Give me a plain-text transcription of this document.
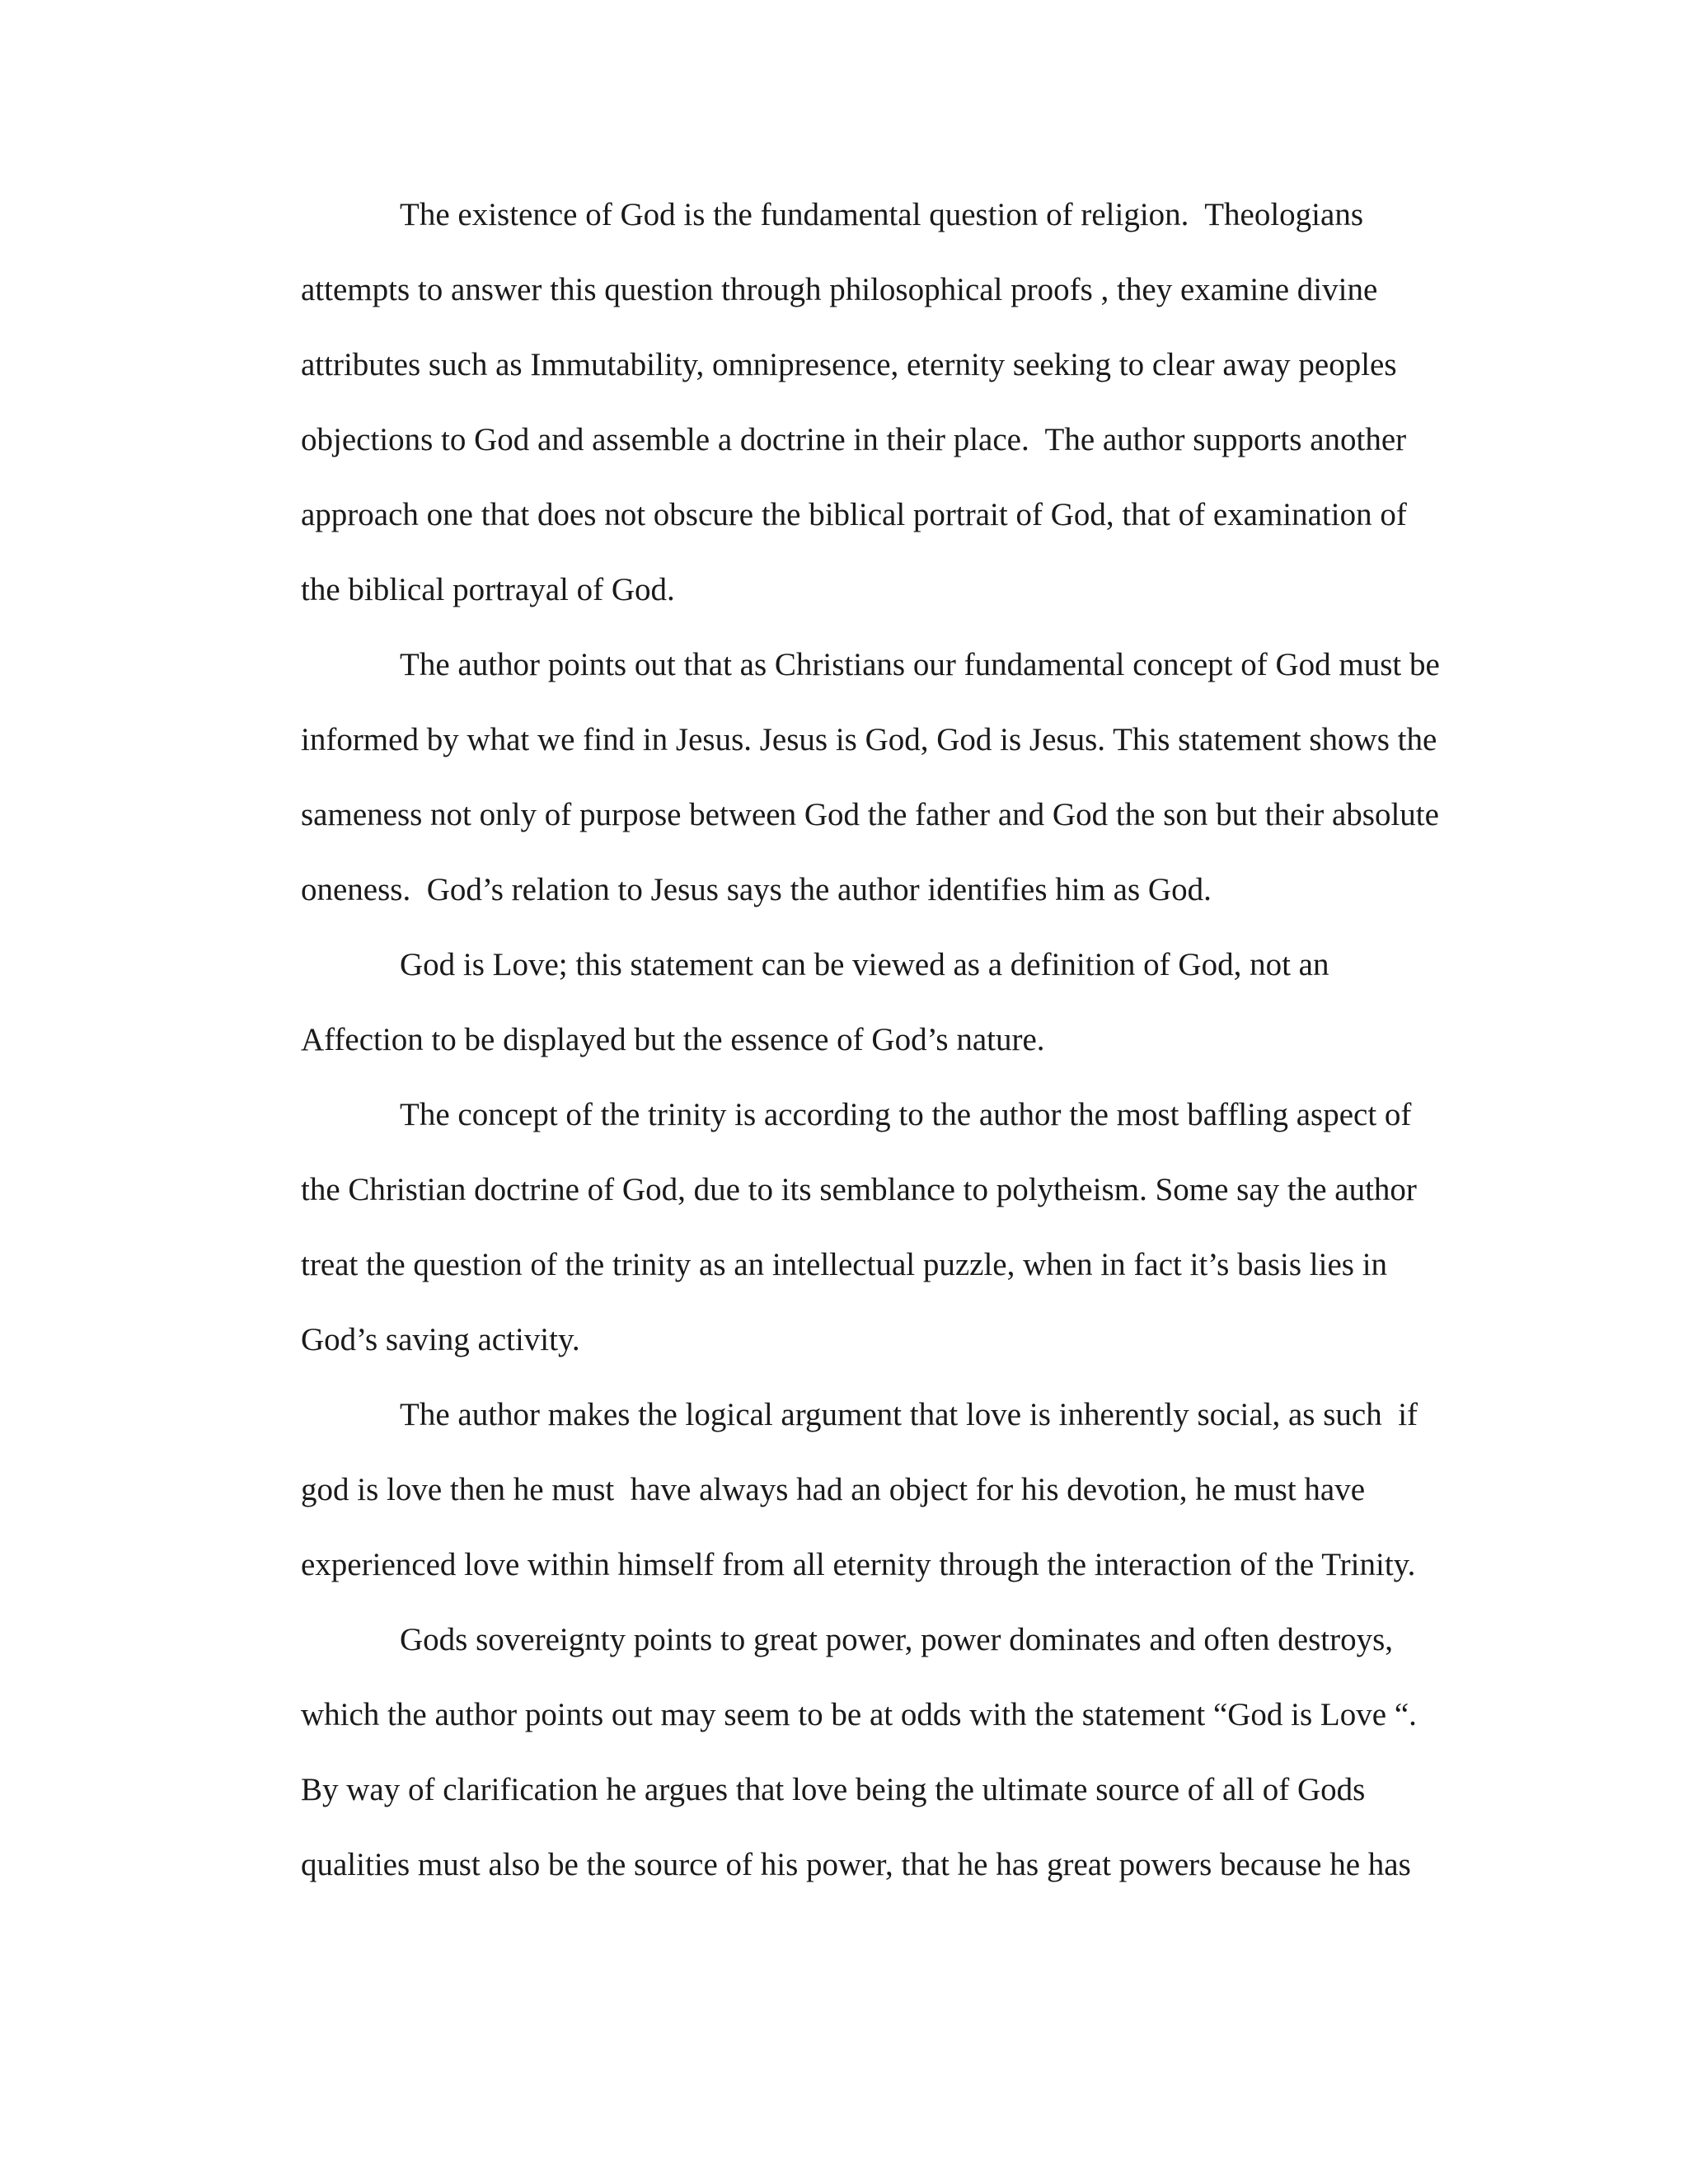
The existence of God is the fundamental question of religion.  Theologians
attempts to answer this question through philosophical proofs , they examine divine
attributes such as Immutability, omnipresence, eternity seeking to clear away peoples
objections to God and assemble a doctrine in their place.  The author supports another
approach one that does not obscure the biblical portrait of God, that of examination of
the biblical portrayal of God.
The author points out that as Christians our fundamental concept of God must be
informed by what we find in Jesus. Jesus is God, God is Jesus. This statement shows the
sameness not only of purpose between God the father and God the son but their absolute
oneness.  God’s relation to Jesus says the author identifies him as God.
God is Love; this statement can be viewed as a definition of God, not an
Affection to be displayed but the essence of God’s nature.
The concept of the trinity is according to the author the most baffling aspect of
the Christian doctrine of God, due to its semblance to polytheism. Some say the author
treat the question of the trinity as an intellectual puzzle, when in fact it’s basis lies in
God’s saving activity.
The author makes the logical argument that love is inherently social, as such  if
god is love then he must  have always had an object for his devotion, he must have
experienced love within himself from all eternity through the interaction of the Trinity.
Gods sovereignty points to great power, power dominates and often destroys,
which the author points out may seem to be at odds with the statement “God is Love “.
By way of clarification he argues that love being the ultimate source of all of Gods
qualities must also be the source of his power, that he has great powers because he has
